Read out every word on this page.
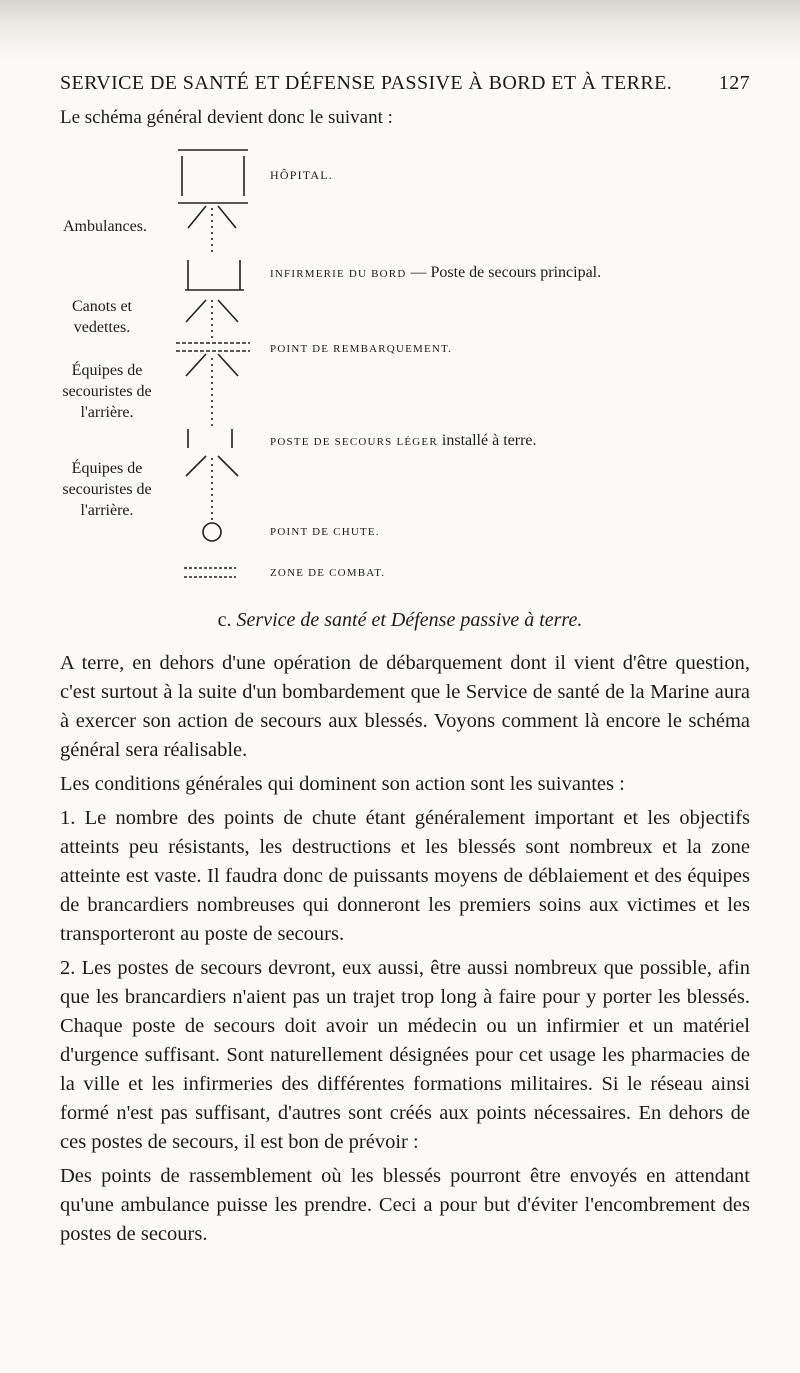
SERVICE DE SANTÉ ET DÉFENSE PASSIVE À BORD ET À TERRE. 127
Le schéma général devient donc le suivant :
Ambulances.
Canots et vedettes.
Équipes de secouristes de l'arrière.
Équipes de secouristes de l'arrière.
HÔPITAL.
INFIRMERIE DU BORD — Poste de secours principal.
POINT DE REMBARQUEMENT.
POSTE DE SECOURS LÉGER installé à terre.
POINT DE CHUTE.
ZONE DE COMBAT.
c. Service de santé et Défense passive à terre.

A terre, en dehors d'une opération de débarquement dont il vient d'être question, c'est surtout à la suite d'un bombardement que le Service de santé de la Marine aura à exercer son action de secours aux blessés. Voyons comment là encore le schéma général sera réalisable.

Les conditions générales qui dominent son action sont les suivantes :

1. Le nombre des points de chute étant généralement important et les objectifs atteints peu résistants, les destructions et les blessés sont nombreux et la zone atteinte est vaste. Il faudra donc de puissants moyens de déblaiement et des équipes de brancardiers nombreuses qui donneront les premiers soins aux victimes et les transporteront au poste de secours.

2. Les postes de secours devront, eux aussi, être aussi nombreux que possible, afin que les brancardiers n'aient pas un trajet trop long à faire pour y porter les blessés. Chaque poste de secours doit avoir un médecin ou un infirmier et un matériel d'urgence suffisant. Sont naturellement désignées pour cet usage les pharmacies de la ville et les infirmeries des différentes formations militaires. Si le réseau ainsi formé n'est pas suffisant, d'autres sont créés aux points nécessaires. En dehors de ces postes de secours, il est bon de prévoir :

Des points de rassemblement où les blessés pourront être envoyés en attendant qu'une ambulance puisse les prendre. Ceci a pour but d'éviter l'encombrement des postes de secours.
